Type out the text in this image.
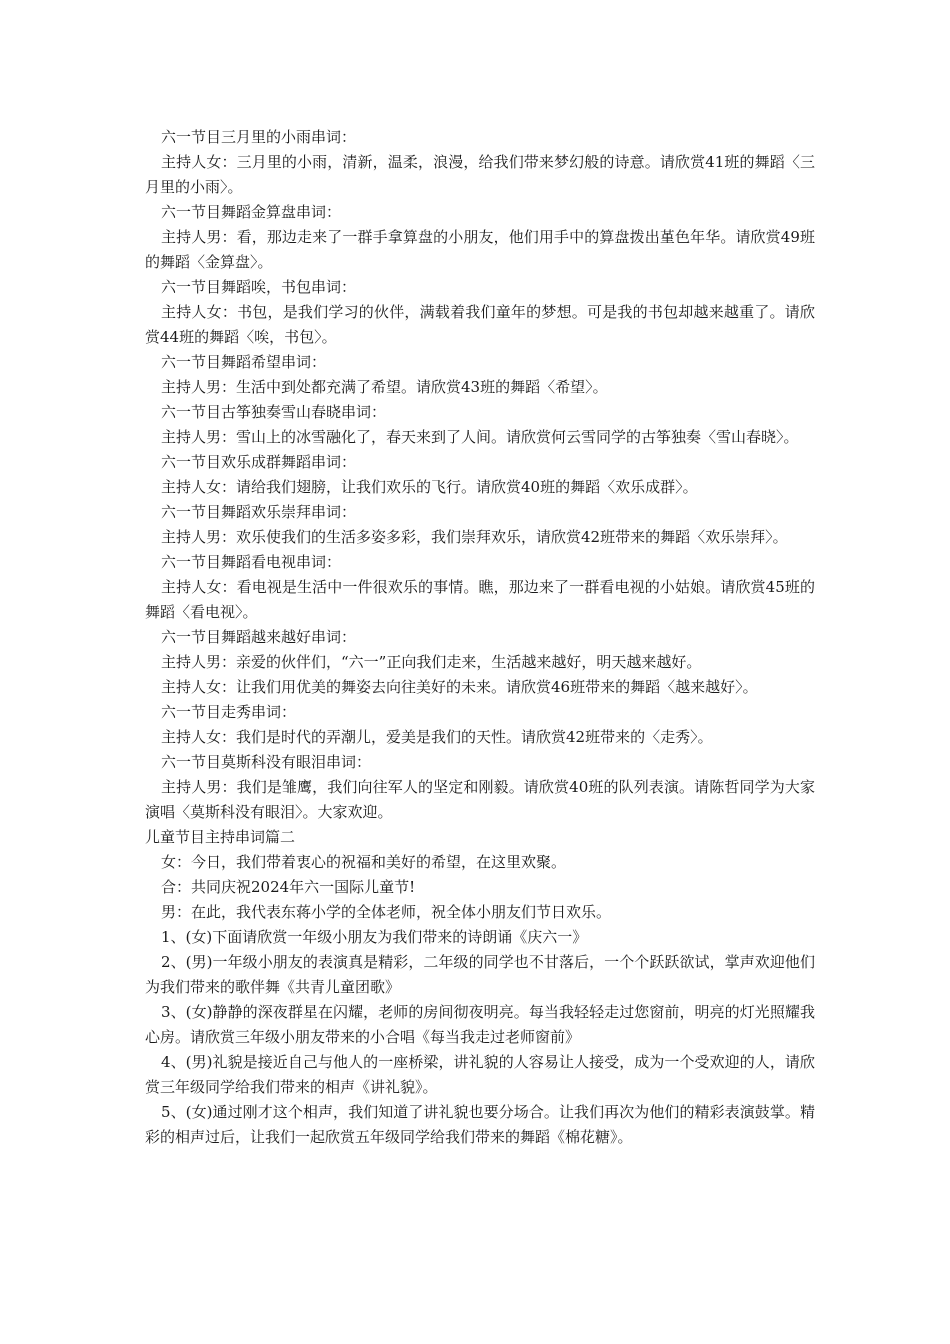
六一节目三月里的小雨串词：

主持人女：三月里的小雨，清新，温柔，浪漫，给我们带来梦幻般的诗意。请欣赏41班的舞蹈〈三月里的小雨〉。

六一节目舞蹈金算盘串词：

主持人男：看，那边走来了一群手拿算盘的小朋友，他们用手中的算盘拨出堇色年华。请欣赏49班的舞蹈〈金算盘〉。

六一节目舞蹈唉，书包串词：

主持人女：书包，是我们学习的伙伴，满载着我们童年的梦想。可是我的书包却越来越重了。请欣赏44班的舞蹈〈唉，书包〉。

六一节目舞蹈希望串词：

主持人男：生活中到处都充满了希望。请欣赏43班的舞蹈〈希望〉。

六一节目古筝独奏雪山春晓串词：

主持人男：雪山上的冰雪融化了，春天来到了人间。请欣赏何云雪同学的古筝独奏〈雪山春晓〉。

六一节目欢乐成群舞蹈串词：

主持人女：请给我们翅膀，让我们欢乐的飞行。请欣赏40班的舞蹈〈欢乐成群〉。

六一节目舞蹈欢乐崇拜串词：

主持人男：欢乐使我们的生活多姿多彩，我们崇拜欢乐，请欣赏42班带来的舞蹈〈欢乐崇拜〉。

六一节目舞蹈看电视串词：

主持人女：看电视是生活中一件很欢乐的事情。瞧，那边来了一群看电视的小姑娘。请欣赏45班的舞蹈〈看电视〉。

六一节目舞蹈越来越好串词：

主持人男：亲爱的伙伴们，“六一”正向我们走来，生活越来越好，明天越来越好。

主持人女：让我们用优美的舞姿去向往美好的未来。请欣赏46班带来的舞蹈〈越来越好〉。

六一节目走秀串词：

主持人女：我们是时代的弄潮儿，爱美是我们的天性。请欣赏42班带来的〈走秀〉。

六一节目莫斯科没有眼泪串词：

主持人男：我们是雏鹰，我们向往军人的坚定和刚毅。请欣赏40班的队列表演。请陈哲同学为大家演唱〈莫斯科没有眼泪〉。大家欢迎。

儿童节目主持串词篇二

女：今日，我们带着衷心的祝福和美好的希望，在这里欢聚。

合：共同庆祝2024年六一国际儿童节!

男：在此，我代表东蒋小学的全体老师，祝全体小朋友们节日欢乐。

1、(女)下面请欣赏一年级小朋友为我们带来的诗朗诵《庆六一》

2、(男)一年级小朋友的表演真是精彩，二年级的同学也不甘落后，一个个跃跃欲试，掌声欢迎他们为我们带来的歌伴舞《共青儿童团歌》

3、(女)静静的深夜群星在闪耀，老师的房间彻夜明亮。每当我轻轻走过您窗前，明亮的灯光照耀我心房。请欣赏三年级小朋友带来的小合唱《每当我走过老师窗前》

4、(男)礼貌是接近自己与他人的一座桥梁，讲礼貌的人容易让人接受，成为一个受欢迎的人，请欣赏三年级同学给我们带来的相声《讲礼貌》。

5、(女)通过刚才这个相声，我们知道了讲礼貌也要分场合。让我们再次为他们的精彩表演鼓掌。精彩的相声过后，让我们一起欣赏五年级同学给我们带来的舞蹈《棉花糖》。
